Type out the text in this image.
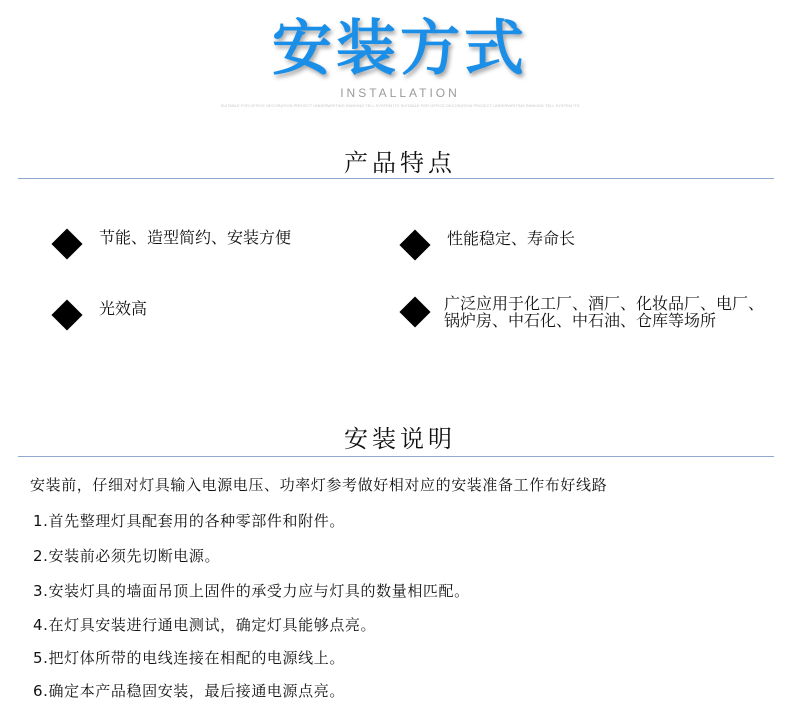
安装方式
INSTALLATION
SUITABLE FOR OFFICE DECORATION PROJECT UNDERWRITING RANKING TELL SYSTEM ITS SUITABLE FOR OFFICE DECORATION PROJECT UNDERWRITING RANKING TELL SYSTEM ITS
产品特点
节能、造型简约、安装方便	性能稳定、寿命长
光效高	广泛应用于化工厂、酒厂、化妆品厂、电厂、
锅炉房、中石化、中石油、仓库等场所
安装说明
安装前，仔细对灯具输入电源电压、功率灯参考做好相对应的安装准备工作布好线路
1.首先整理灯具配套用的各种零部件和附件。
2.安装前必须先切断电源。
3.安装灯具的墙面吊顶上固件的承受力应与灯具的数量相匹配。
4.在灯具安装进行通电测试，确定灯具能够点亮。
5.把灯体所带的电线连接在相配的电源线上。
6.确定本产品稳固安装，最后接通电源点亮。
